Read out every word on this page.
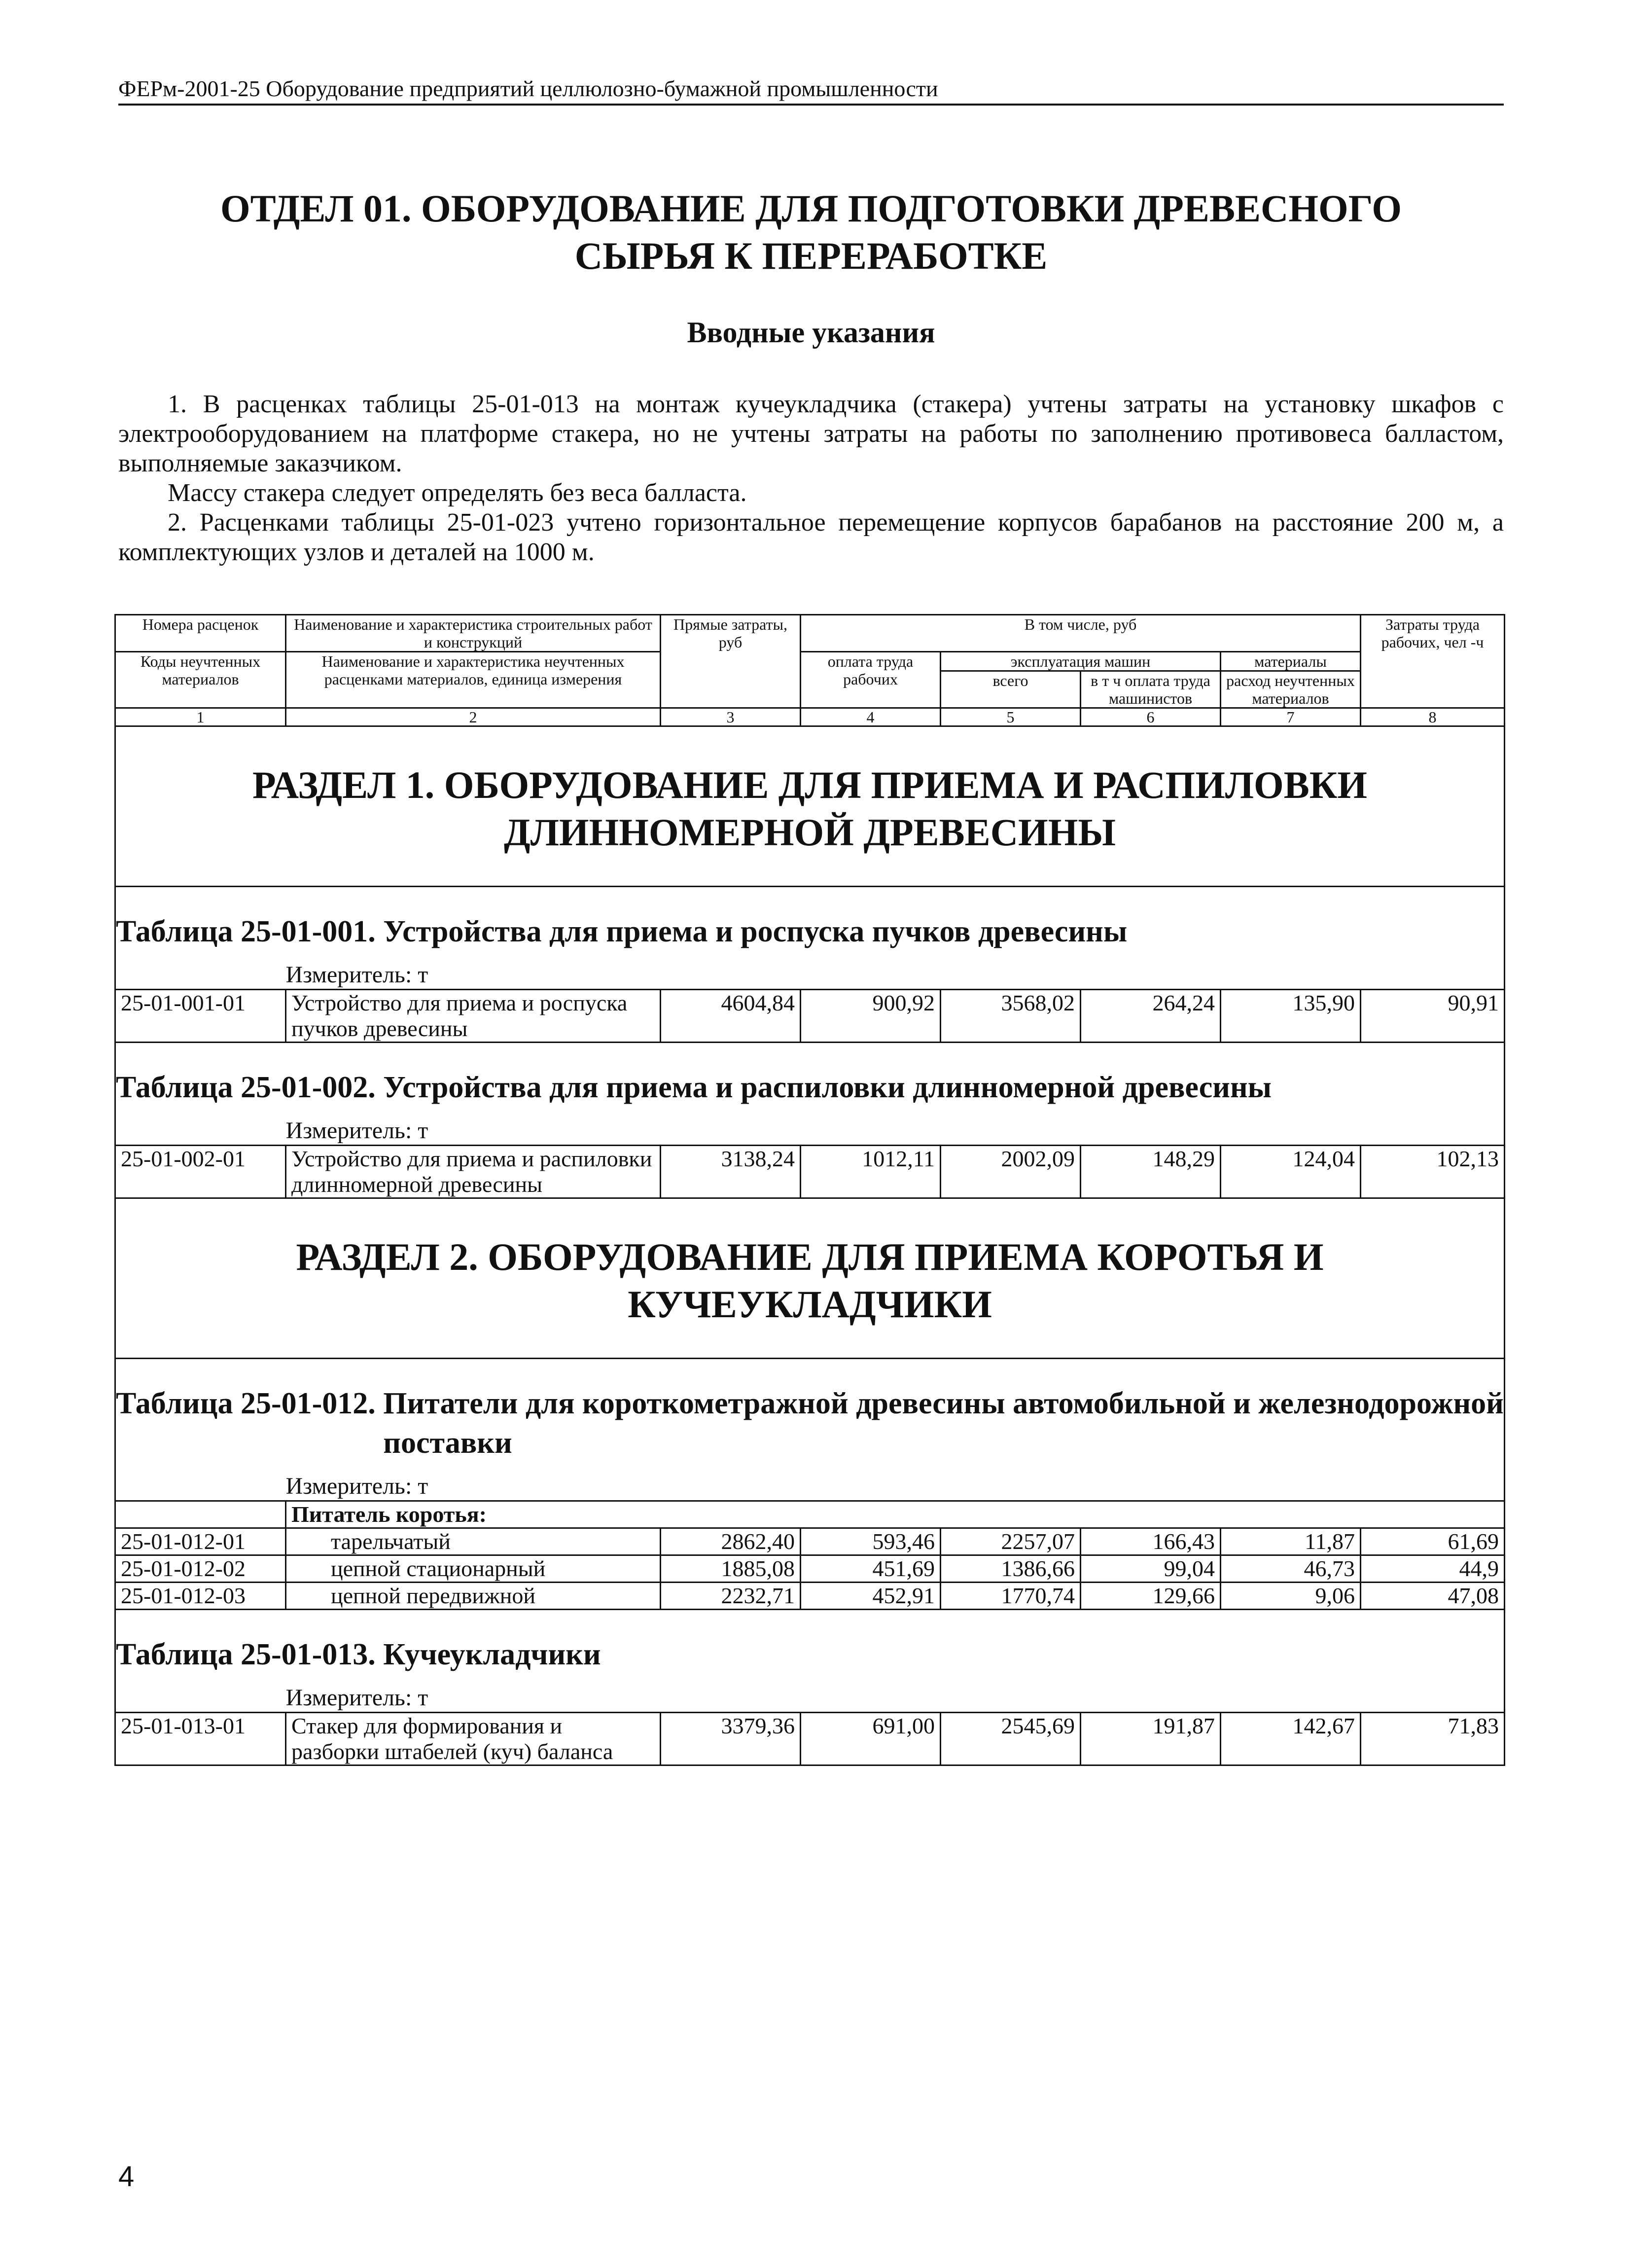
ФЕРм-2001-25 Оборудование предприятий целлюлозно-бумажной промышленности
ОТДЕЛ 01. ОБОРУДОВАНИЕ ДЛЯ ПОДГОТОВКИ ДРЕВЕСНОГО
СЫРЬЯ К ПЕРЕРАБОТКЕ
Вводные указания

1. В расценках таблицы 25-01-013 на монтаж кучеукладчика (стакера) учтены затраты на установку шкафов с электрооборудованием на платформе стакера, но не учтены затраты на работы по заполнению противовеса балластом, выполняемые заказчиком.

Массу стакера следует определять без веса балласта.

2. Расценками таблицы 25-01-023 учтено горизонтальное перемещение корпусов барабанов на расстояние 200 м, а комплектующих узлов и деталей на 1000 м.

Номера расценок	Наименование и характеристика строительных работ и конструкций	Прямые затраты, руб	В том числе, руб				Затраты труда рабочих, чел -ч
Коды неучтенных материалов	Наименование и характеристика неучтенных расценками материалов, единица измерения		оплата труда рабочих	эксплуатация машин		материалы	
				всего	в т ч оплата труда машинистов	расход неучтенных материалов	
1	2	3	4	5	6	7	8

РАЗДЕЛ 1. ОБОРУДОВАНИЕ ДЛЯ ПРИЕМА И РАСПИЛОВКИ
ДЛИННОМЕРНОЙ ДРЕВЕСИНЫ							

Таблица 25-01-001.
Устройства для приема и роспуска пучков древесины							

	Измеритель: т						
25-01-001-01	Устройство для приема и роспуска пучков древесины	4604,84	900,92	3568,02	264,24	135,90	90,91

Таблица 25-01-002.
Устройства для приема и распиловки длинномерной древесины							

	Измеритель: т						
25-01-002-01	Устройство для приема и распиловки длинномерной древесины	3138,24	1012,11	2002,09	148,29	124,04	102,13

РАЗДЕЛ 2. ОБОРУДОВАНИЕ ДЛЯ ПРИЕМА КОРОТЬЯ И
КУЧЕУКЛАДЧИКИ							

Таблица 25-01-012.
Питатели для короткометражной древесины автомобильной и железнодорожной поставки							

	Измеритель: т						
	Питатель коротья:						
25-01-012-01	тарельчатый	2862,40	593,46	2257,07	166,43	11,87	61,69
25-01-012-02	цепной стационарный	1885,08	451,69	1386,66	99,04	46,73	44,9
25-01-012-03	цепной передвижной	2232,71	452,91	1770,74	129,66	9,06	47,08

Таблица 25-01-013.
Кучеукладчики							

	Измеритель: т						
25-01-013-01	Стакер для формирования и разборки штабелей (куч) баланса	3379,36	691,00	2545,69	191,87	142,67	71,83
4
